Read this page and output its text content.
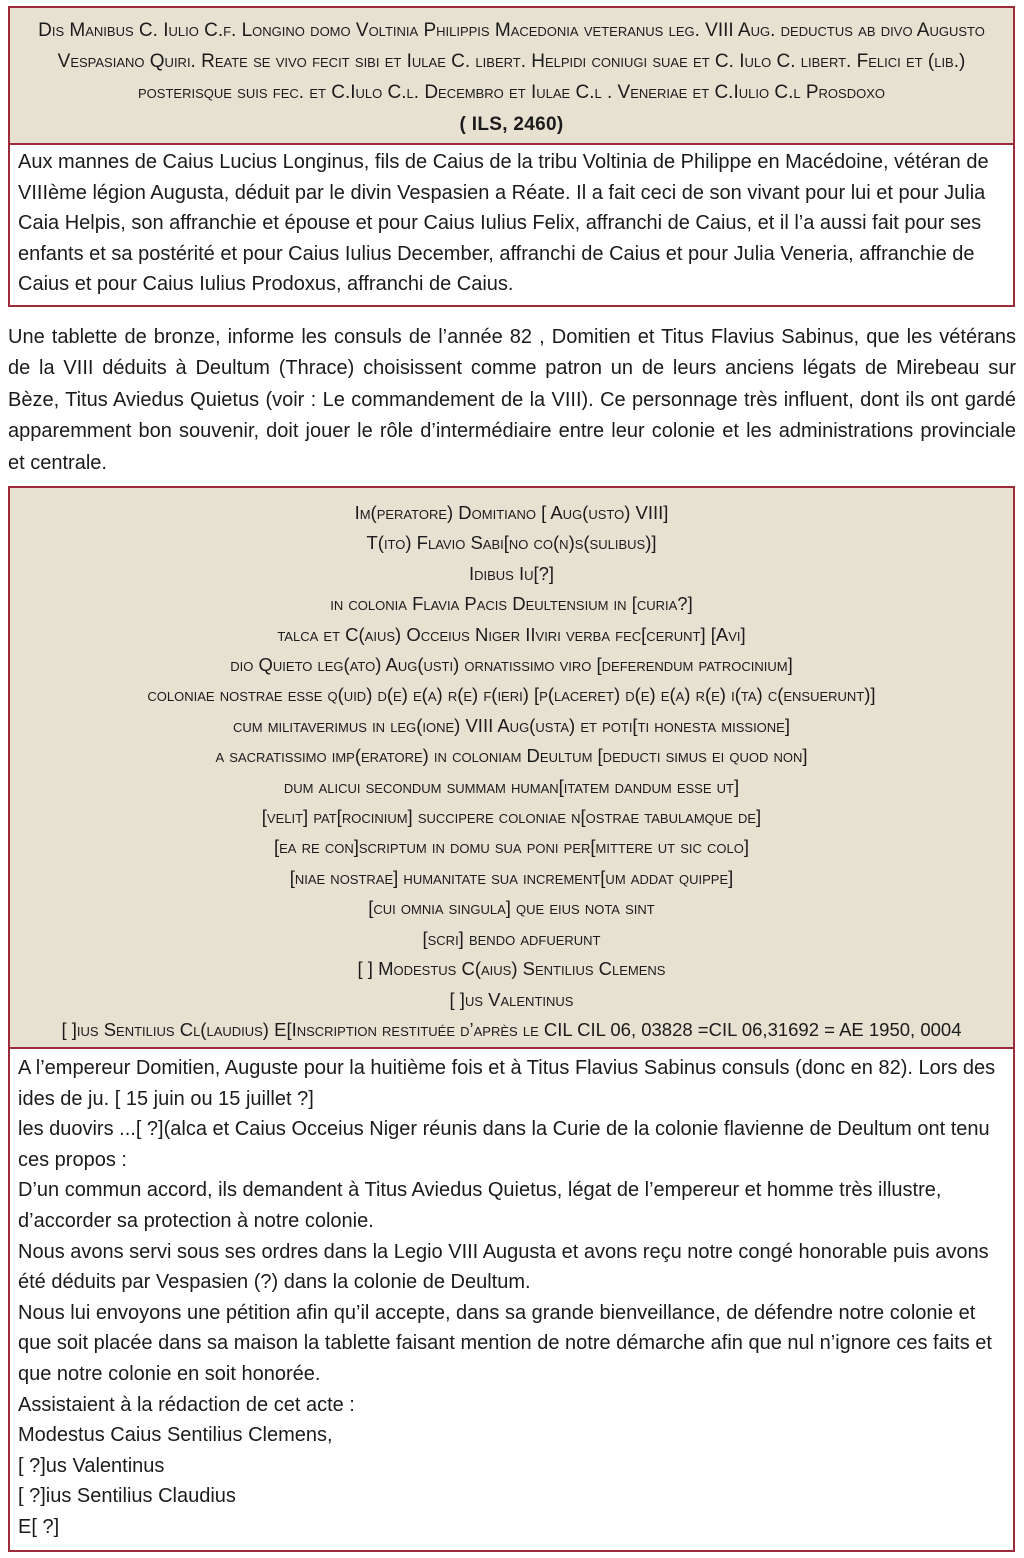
Dis Manibus C. Iulio C.f. Longino domo Voltinia Philippis Macedonia veteranus leg. VIII Aug. deductus ab divo Augusto Vespasiano Quiri. Reate se vivo fecit sibi et Iulae C. libert. Helpidi coniugi suae et C. Iulo C. libert. Felici et (lib.) posterisque suis fec. et C.Iulo C.l. Decembro et Iulae C.l . Veneriae et C.Iulio C.l Prosdoxo
( ILS, 2460)
Aux mannes de Caius Lucius Longinus, fils de Caius de la tribu Voltinia de Philippe en Macédoine, vétéran de VIIIème légion Augusta, déduit par le divin Vespasien a Réate. Il a fait ceci de son vivant pour lui et pour Julia Caia Helpis, son affranchie et épouse et pour Caius Iulius Felix, affranchi de Caius, et il l’a aussi fait pour ses enfants et sa postérité et pour Caius Iulius December, affranchi de Caius et pour Julia Veneria, affranchie de Caius et pour Caius Iulius Prodoxus, affranchi de Caius.
Une tablette de bronze, informe les consuls de l’année 82 , Domitien et Titus Flavius Sabinus, que les vétérans de la VIII déduits à Deultum (Thrace) choisissent comme patron un de leurs anciens légats de Mirebeau sur Bèze, Titus Aviedus Quietus (voir : Le commandement de la VIII). Ce personnage très influent, dont ils ont gardé apparemment bon souvenir, doit jouer le rôle d’intermédiaire entre leur colonie et les administrations provinciale et centrale.
Im(peratore) Domitiano [ Aug(usto) VIII]
T(ito) Flavio Sabi[no co(n)s(sulibus)]
Idibus Iu[?]
in colonia Flavia Pacis Deultensium in [curia?]
talca et C(aius) Occeius Niger IIviri verba fec[cerunt] [Avi]
dio Quieto leg(ato) Aug(usti) ornatissimo viro [deferendum patrocinium]
coloniae nostrae esse q(uid) d(e) e(a) r(e) f(ieri) [p(laceret) d(e) e(a) r(e) i(ta) c(ensuerunt)]
cum militaverimus in leg(ione) VIII Aug(usta) et poti[ti honesta missione]
a sacratissimo imp(eratore) in coloniam Deultum [deducti simus ei quod non]
dum alicui secondum summam human[itatem dandum esse ut]
[velit] pat[rocinium] succipere coloniae n[ostrae tabulamque de]
[ea re con]scriptum in domu sua poni per[mittere ut sic colo]
[niae nostrae] humanitate sua increment[um addat quippe]
[cui omnia singula] que eius nota sint
[scri] bendo adfuerunt
[ ] Modestus C(aius) Sentilius Clemens
[ ]us Valentinus
[ ]ius Sentilius Cl(laudius) E[Inscription restituée d’après le CIL CIL 06, 03828 =CIL 06,31692 = AE 1950, 0004
A l’empereur Domitien, Auguste pour la huitième fois et à Titus Flavius Sabinus consuls (donc en 82). Lors des ides de ju. [ 15 juin ou 15 juillet ?]
les duovirs ...[ ?](alca et Caius Occeius Niger réunis dans la Curie de la colonie flavienne de Deultum ont tenu ces propos :
D’un commun accord, ils demandent à Titus Aviedus Quietus, légat de l’empereur et homme très illustre, d’accorder sa protection à notre colonie.
Nous avons servi sous ses ordres dans la Legio VIII Augusta et avons reçu notre congé honorable puis avons été déduits par Vespasien (?) dans la colonie de Deultum.
Nous lui envoyons une pétition afin qu’il accepte, dans sa grande bienveillance, de défendre notre colonie et que soit placée dans sa maison la tablette faisant mention de notre démarche afin que nul n’ignore ces faits et que notre colonie en soit honorée.
Assistaient à la rédaction de cet acte :
Modestus Caius Sentilius Clemens,
[ ?]us Valentinus
[ ?]ius Sentilius Claudius
E[ ?]
